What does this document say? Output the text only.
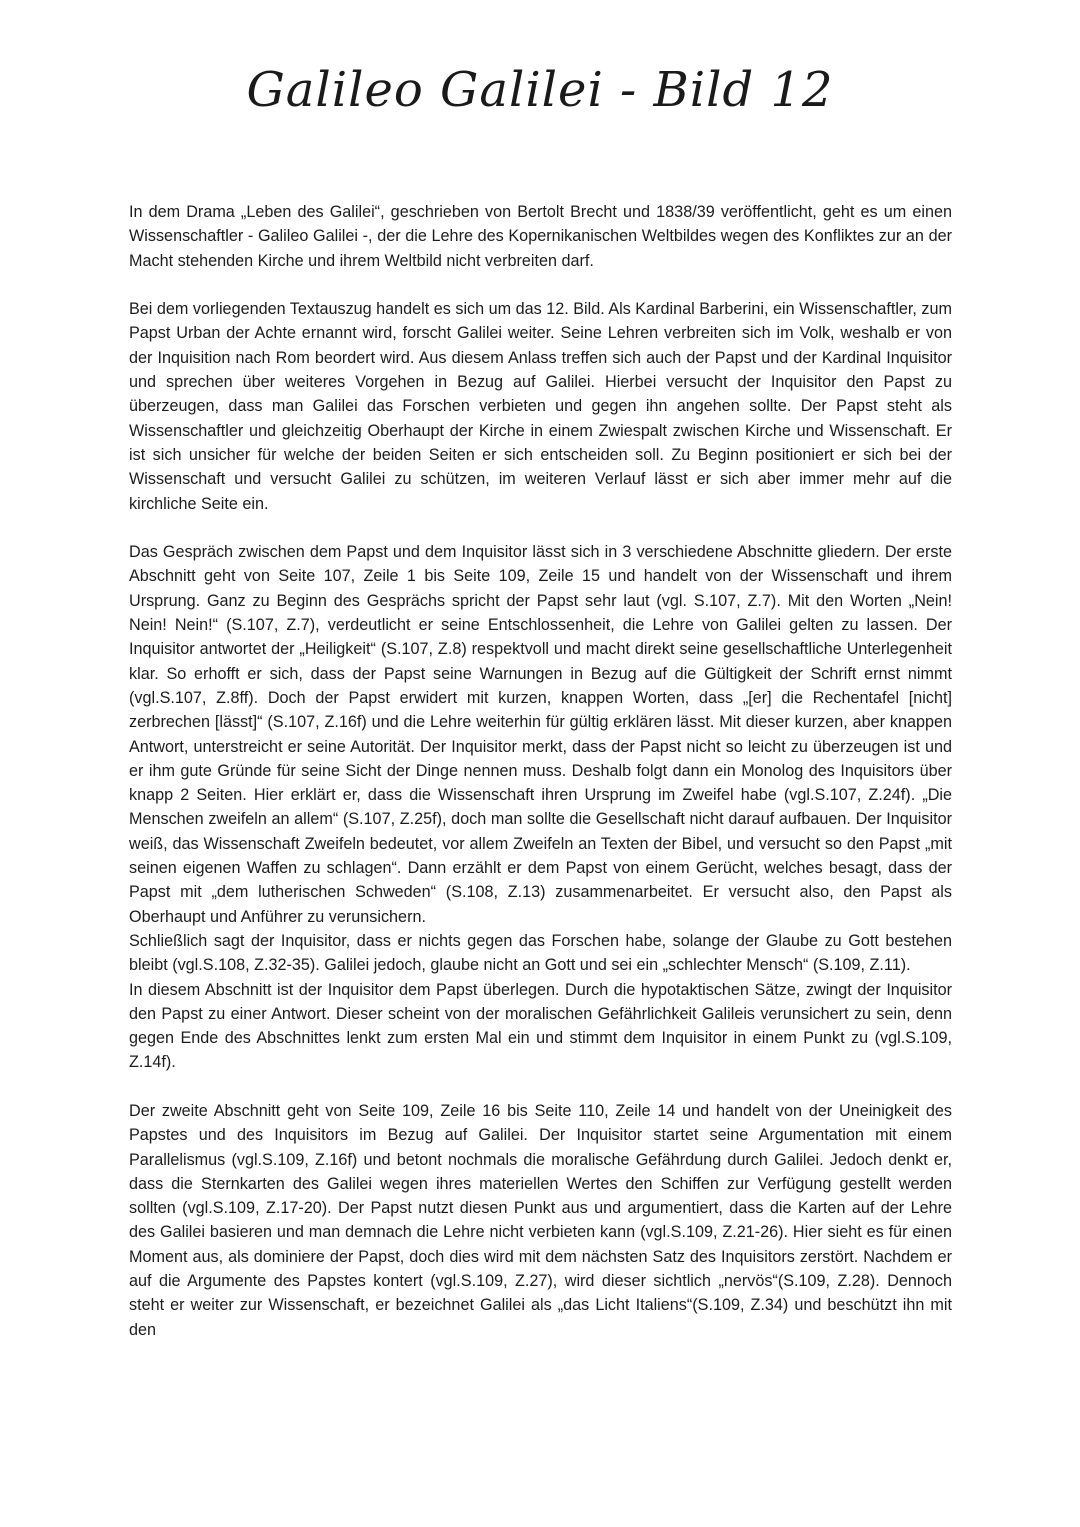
Galileo Galilei - Bild 12

In dem Drama „Leben des Galilei“, geschrieben von Bertolt Brecht und 1838/39 veröffentlicht, geht es um einen Wissenschaftler - Galileo Galilei -, der die Lehre des Kopernikanischen Weltbildes wegen des Konfliktes zur an der Macht stehenden Kirche und ihrem Weltbild nicht verbreiten darf.

Bei dem vorliegenden Textauszug handelt es sich um das 12. Bild. Als Kardinal Barberini, ein Wissenschaftler, zum Papst Urban der Achte ernannt wird, forscht Galilei weiter. Seine Lehren verbreiten sich im Volk, weshalb er von der Inquisition nach Rom beordert wird. Aus diesem Anlass treffen sich auch der Papst und der Kardinal Inquisitor und sprechen über weiteres Vorgehen in Bezug auf Galilei. Hierbei versucht der Inquisitor den Papst zu überzeugen, dass man Galilei das Forschen verbieten und gegen ihn angehen sollte. Der Papst steht als Wissenschaftler und gleichzeitig Oberhaupt der Kirche in einem Zwiespalt zwischen Kirche und Wissenschaft. Er ist sich unsicher für welche der beiden Seiten er sich entscheiden soll. Zu Beginn positioniert er sich bei der Wissenschaft und versucht Galilei zu schützen, im weiteren Verlauf lässt er sich aber immer mehr auf die kirchliche Seite ein.

Das Gespräch zwischen dem Papst und dem Inquisitor lässt sich in 3 verschiedene Abschnitte gliedern. Der erste Abschnitt geht von Seite 107, Zeile 1 bis Seite 109, Zeile 15 und handelt von der Wissenschaft und ihrem Ursprung. Ganz zu Beginn des Gesprächs spricht der Papst sehr laut (vgl. S.107, Z.7). Mit den Worten „Nein! Nein! Nein!“ (S.107, Z.7), verdeutlicht er seine Entschlossenheit, die Lehre von Galilei gelten zu lassen. Der Inquisitor antwortet der „Heiligkeit“ (S.107, Z.8) respektvoll und macht direkt seine gesellschaftliche Unterlegenheit klar. So erhofft er sich, dass der Papst seine Warnungen in Bezug auf die Gültigkeit der Schrift ernst nimmt (vgl.S.107, Z.8ff). Doch der Papst erwidert mit kurzen, knappen Worten, dass „[er] die Rechentafel [nicht] zerbrechen [lässt]“ (S.107, Z.16f) und die Lehre weiterhin für gültig erklären lässt. Mit dieser kurzen, aber knappen Antwort, unterstreicht er seine Autorität. Der Inquisitor merkt, dass der Papst nicht so leicht zu überzeugen ist und er ihm gute Gründe für seine Sicht der Dinge nennen muss. Deshalb folgt dann ein Monolog des Inquisitors über knapp 2 Seiten. Hier erklärt er, dass die Wissenschaft ihren Ursprung im Zweifel habe (vgl.S.107, Z.24f). „Die Menschen zweifeln an allem“ (S.107, Z.25f), doch man sollte die Gesellschaft nicht darauf aufbauen. Der Inquisitor weiß, das Wissenschaft Zweifeln bedeutet, vor allem Zweifeln an Texten der Bibel, und versucht so den Papst „mit seinen eigenen Waffen zu schlagen“. Dann erzählt er dem Papst von einem Gerücht, welches besagt, dass der Papst mit „dem lutherischen Schweden“ (S.108, Z.13) zusammenarbeitet. Er versucht also, den Papst als Oberhaupt und Anführer zu verunsichern.

Schließlich sagt der Inquisitor, dass er nichts gegen das Forschen habe, solange der Glaube zu Gott bestehen bleibt (vgl.S.108, Z.32-35). Galilei jedoch, glaube nicht an Gott und sei ein „schlechter Mensch“ (S.109, Z.11).

In diesem Abschnitt ist der Inquisitor dem Papst überlegen. Durch die hypotaktischen Sätze, zwingt der Inquisitor den Papst zu einer Antwort. Dieser scheint von der moralischen Gefährlichkeit Galileis verunsichert zu sein, denn gegen Ende des Abschnittes lenkt zum ersten Mal ein und stimmt dem Inquisitor in einem Punkt zu (vgl.S.109, Z.14f).

Der zweite Abschnitt geht von Seite 109, Zeile 16 bis Seite 110, Zeile 14 und handelt von der Uneinigkeit des Papstes und des Inquisitors im Bezug auf Galilei. Der Inquisitor startet seine Argumentation mit einem Parallelismus (vgl.S.109, Z.16f) und betont nochmals die moralische Gefährdung durch Galilei. Jedoch denkt er, dass die Sternkarten des Galilei wegen ihres materiellen Wertes den Schiffen zur Verfügung gestellt werden sollten (vgl.S.109, Z.17-20). Der Papst nutzt diesen Punkt aus und argumentiert, dass die Karten auf der Lehre des Galilei basieren und man demnach die Lehre nicht verbieten kann (vgl.S.109, Z.21-26). Hier sieht es für einen Moment aus, als dominiere der Papst, doch dies wird mit dem nächsten Satz des Inquisitors zerstört. Nachdem er auf die Argumente des Papstes kontert (vgl.S.109, Z.27), wird dieser sichtlich „nervös“(S.109, Z.28). Dennoch steht er weiter zur Wissenschaft, er bezeichnet Galilei als „das Licht Italiens“(S.109, Z.34) und beschützt ihn mit den
